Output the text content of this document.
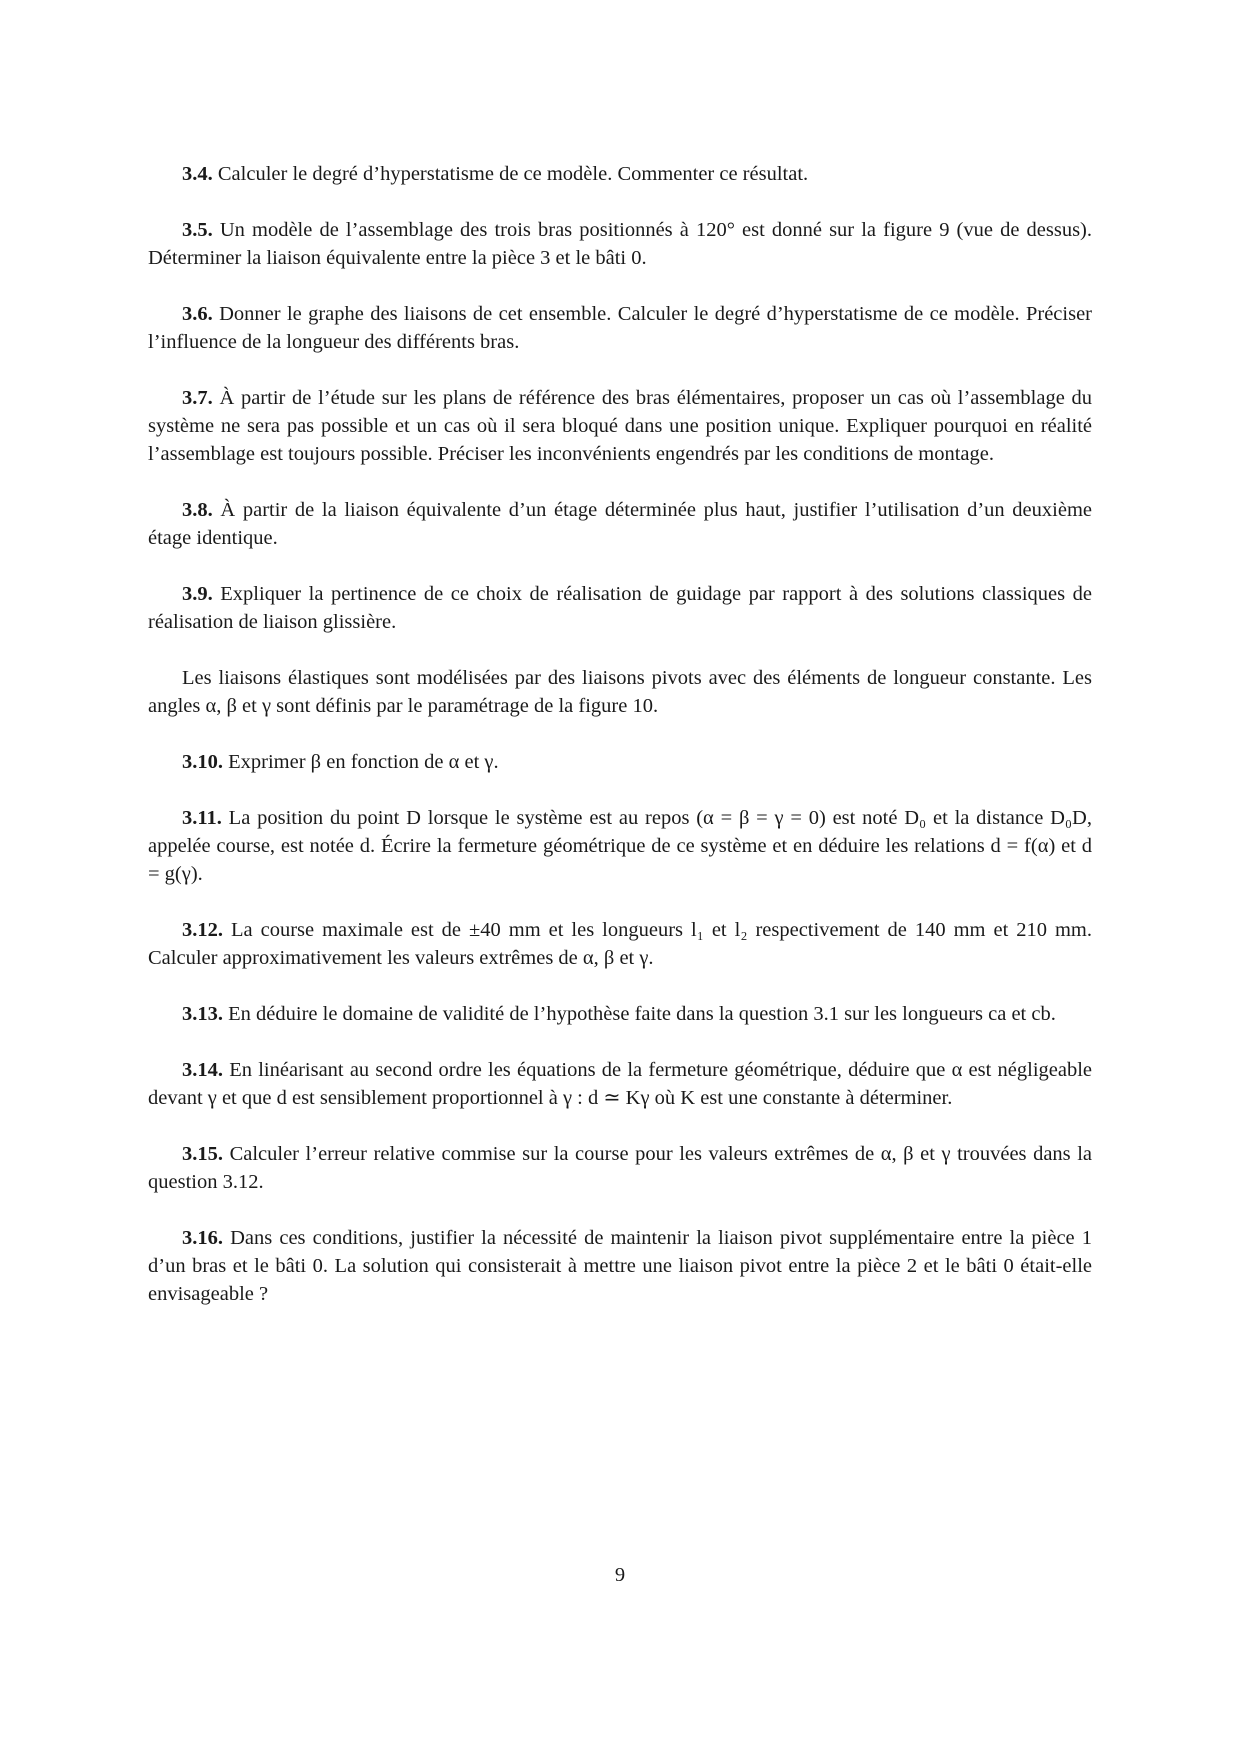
3.4. Calculer le degré d’hyperstatisme de ce modèle. Commenter ce résultat.

3.5. Un modèle de l’assemblage des trois bras positionnés à 120° est donné sur la figure 9 (vue de dessus). Déterminer la liaison équivalente entre la pièce 3 et le bâti 0.

3.6. Donner le graphe des liaisons de cet ensemble. Calculer le degré d’hyperstatisme de ce modèle. Préciser l’influence de la longueur des différents bras.

3.7. À partir de l’étude sur les plans de référence des bras élémentaires, proposer un cas où l’assemblage du système ne sera pas possible et un cas où il sera bloqué dans une position unique. Expliquer pourquoi en réalité l’assemblage est toujours possible. Préciser les inconvénients engendrés par les conditions de montage.

3.8. À partir de la liaison équivalente d’un étage déterminée plus haut, justifier l’utilisation d’un deuxième étage identique.

3.9. Expliquer la pertinence de ce choix de réalisation de guidage par rapport à des solutions classiques de réalisation de liaison glissière.

Les liaisons élastiques sont modélisées par des liaisons pivots avec des éléments de longueur constante. Les angles α, β et γ sont définis par le paramétrage de la figure 10.

3.10. Exprimer β en fonction de α et γ.

3.11. La position du point D lorsque le système est au repos (α = β = γ = 0) est noté D₀ et la distance D₀D, appelée course, est notée d. Écrire la fermeture géométrique de ce système et en déduire les relations d = f(α) et d = g(γ).

3.12. La course maximale est de ±40 mm et les longueurs l₁ et l₂ respectivement de 140 mm et 210 mm. Calculer approximativement les valeurs extrêmes de α, β et γ.

3.13. En déduire le domaine de validité de l’hypothèse faite dans la question 3.1 sur les longueurs ca et cb.

3.14. En linéarisant au second ordre les équations de la fermeture géométrique, déduire que α est négligeable devant γ et que d est sensiblement proportionnel à γ : d ≃ Kγ où K est une constante à déterminer.

3.15. Calculer l’erreur relative commise sur la course pour les valeurs extrêmes de α, β et γ trouvées dans la question 3.12.

3.16. Dans ces conditions, justifier la nécessité de maintenir la liaison pivot supplémentaire entre la pièce 1 d’un bras et le bâti 0. La solution qui consisterait à mettre une liaison pivot entre la pièce 2 et le bâti 0 était-elle envisageable ?

9
